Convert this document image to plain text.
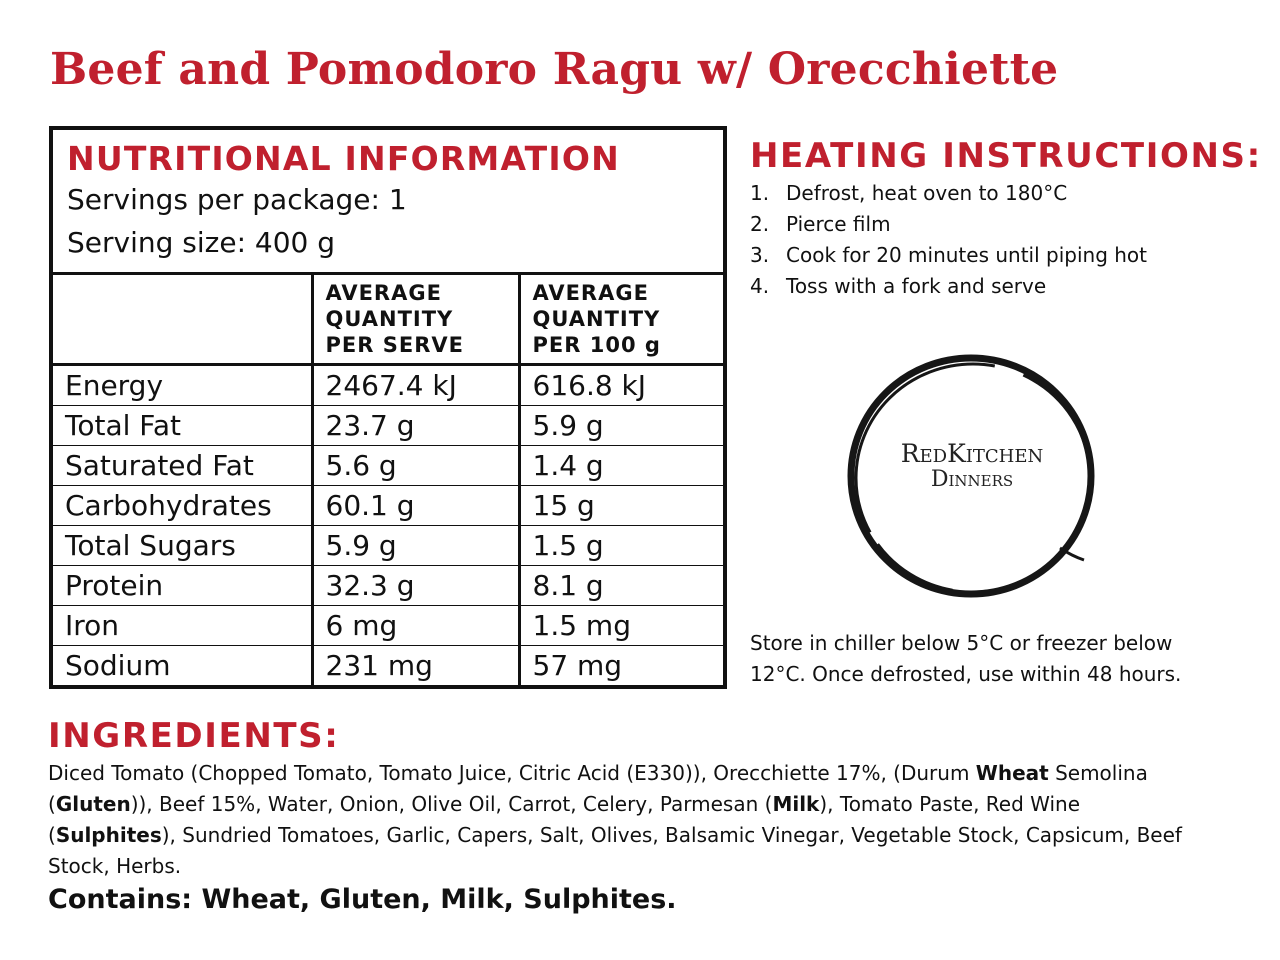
Beef and Pomodoro Ragu w/ Orecchiette
NUTRITIONAL INFORMATION
Servings per package: 1
Serving size: 400 g
	AVERAGE QUANTITY PER SERVE	AVERAGE QUANTITY PER 100 g
Energy	2467.4 kJ	616.8 kJ
Total Fat	23.7 g	5.9 g
Saturated Fat	5.6 g	1.4 g
Carbohydrates	60.1 g	15 g
Total Sugars	5.9 g	1.5 g
Protein	32.3 g	8.1 g
Iron	6 mg	1.5 mg
Sodium	231 mg	57 mg
HEATING INSTRUCTIONS:
1. Defrost, heat oven to 180°C
2. Pierce film
3. Cook for 20 minutes until piping hot
4. Toss with a fork and serve
RedKitchen
Dinners

Store in chiller below 5°C or freezer below 12°C. Once defrosted, use within 48 hours.

INGREDIENTS:

Diced Tomato (Chopped Tomato, Tomato Juice, Citric Acid (E330)), Orecchiette 17%, (Durum Wheat Semolina (Gluten)), Beef 15%, Water, Onion, Olive Oil, Carrot, Celery, Parmesan (Milk), Tomato Paste, Red Wine (Sulphites), Sundried Tomatoes, Garlic, Capers, Salt, Olives, Balsamic Vinegar, Vegetable Stock, Capsicum, Beef Stock, Herbs.

Contains: Wheat, Gluten, Milk, Sulphites.
